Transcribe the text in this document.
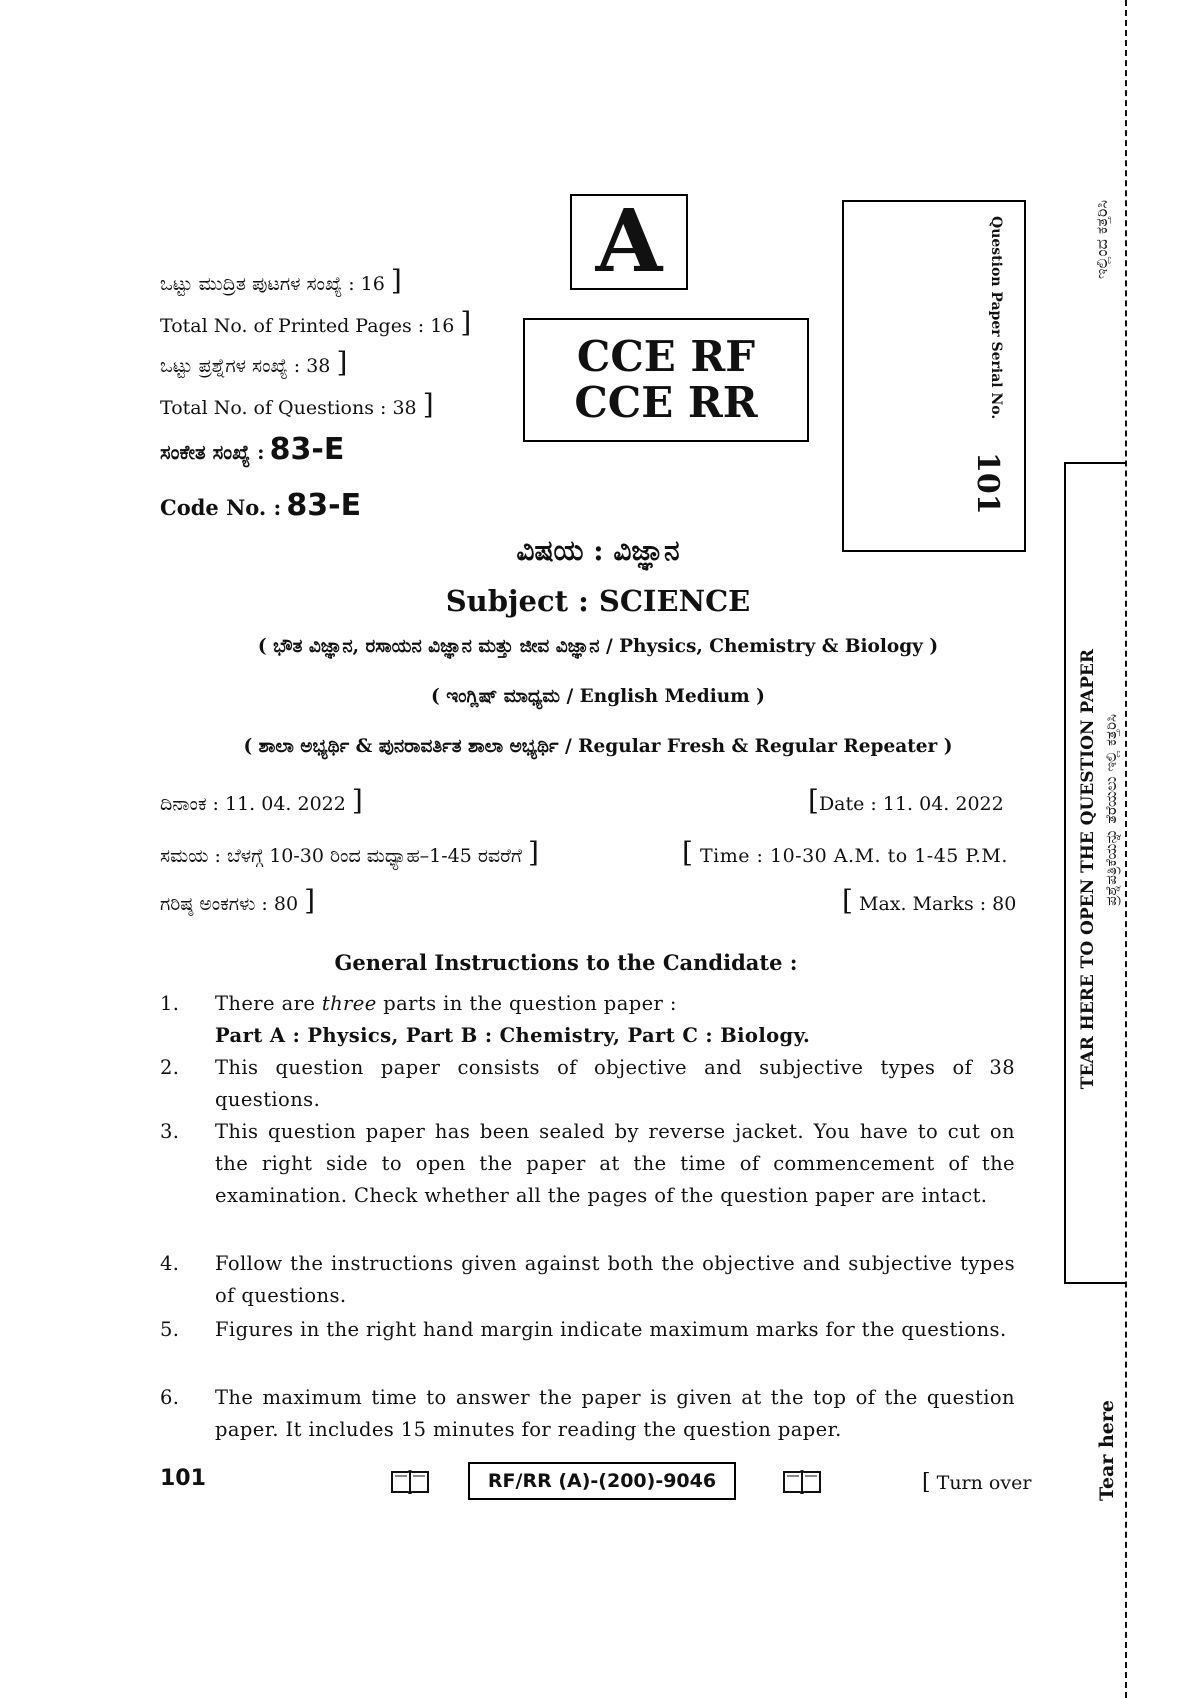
ಒಟ್ಟು ಮುದ್ರಿತ ಪುಟಗಳ ಸಂಖ್ಯೆ : 16 ]
Total No. of Printed Pages : 16 ]
ಒಟ್ಟು ಪ್ರಶ್ನೆಗಳ ಸಂಖ್ಯೆ : 38 ]
Total No. of Questions : 38 ]
ಸಂಕೇತ ಸಂಖ್ಯೆ : 83-E
Code No. : 83-E
A
CCE RF
CCE RR	Question Paper Serial No.
101
ವಿಷಯ : ವಿಜ್ಞಾನ
Subject : SCIENCE
( ಭೌತ ವಿಜ್ಞಾನ, ರಸಾಯನ ವಿಜ್ಞಾನ ಮತ್ತು ಜೀವ ವಿಜ್ಞಾನ / Physics, Chemistry & Biology )
( ಇಂಗ್ಲಿಷ್ ಮಾಧ್ಯಮ / English Medium )
( ಶಾಲಾ ಅಭ್ಯರ್ಥಿ & ಪುನರಾವರ್ತಿತ ಶಾಲಾ ಅಭ್ಯರ್ಥಿ / Regular Fresh & Regular Repeater )
ದಿನಾಂಕ : 11. 04. 2022 ]	[Date : 11. 04. 2022
ಸಮಯ : ಬೆಳಗ್ಗೆ 10-30 ರಿಂದ ಮಧ್ಯಾಹ–1-45 ರವರೆಗೆ ]	[ Time : 10-30 A.M. to 1-45 P.M.
ಗರಿಷ್ಠ ಅಂಕಗಳು : 80 ]	[ Max. Marks : 80
General Instructions to the Candidate :
1.	There are three parts in the question paper :
Part A : Physics, Part B : Chemistry, Part C : Biology.
2.	This question paper consists of objective and subjective types of 38 questions.
3.	This question paper has been sealed by reverse jacket. You have to cut on the right side to open the paper at the time of commencement of the examination. Check whether all the pages of the question paper are intact.
4.	Follow the instructions given against both the objective and subjective types of questions.
5.	Figures in the right hand margin indicate maximum marks for the questions.
6.	The maximum time to answer the paper is given at the top of the question paper. It includes 15 minutes for reading the question paper.
101	RF/RR (A)-(200)-9046	[ Turn over
ಇಲ್ಲಿಂದ ಕತ್ತರಿಸಿ
TEAR HERE TO OPEN THE QUESTION PAPER ಪ್ರಶ್ನೆಪತ್ರಿಕೆಯನ್ನು ತೆರೆಯಲು ಇಲ್ಲಿ ಕತ್ತರಿಸಿ
Tear here
